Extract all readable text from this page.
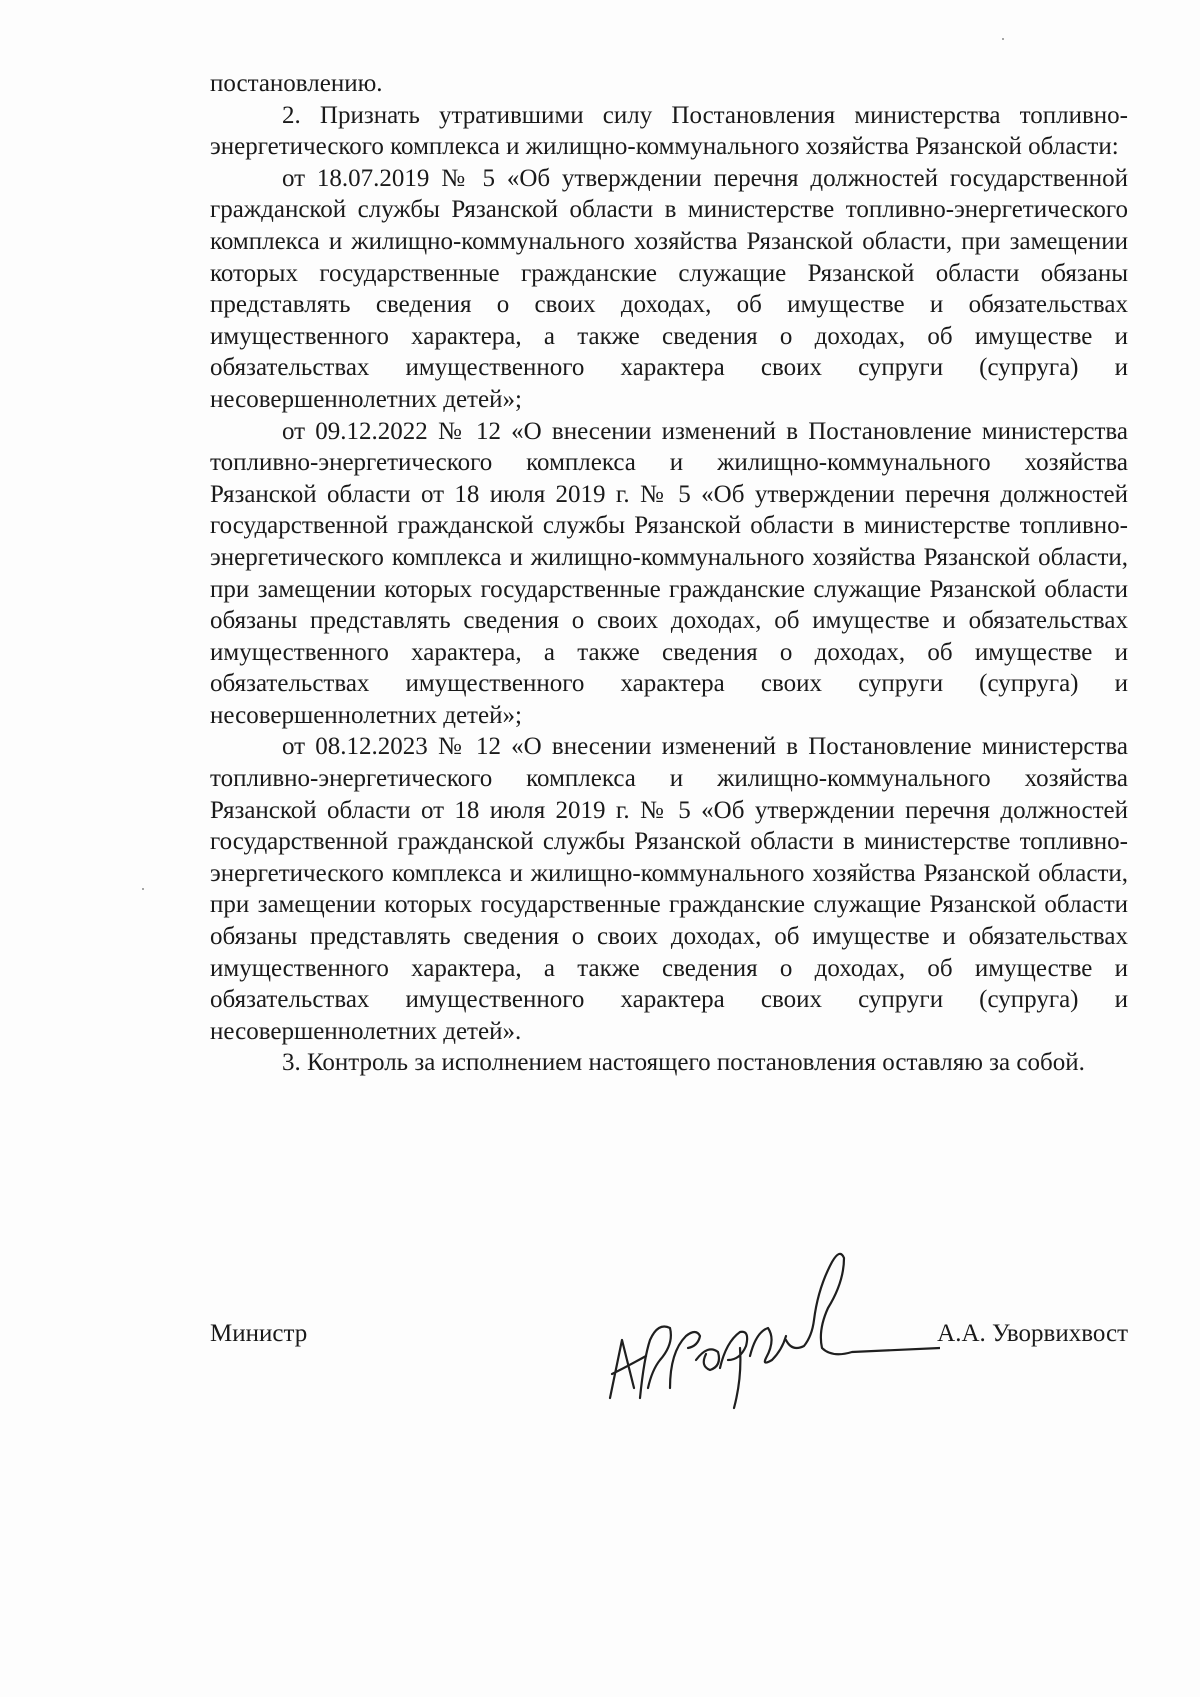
постановлению.

2. Признать утратившими силу Постановления министерства топливно-энергетического комплекса и жилищно-коммунального хозяйства Рязанской области:

от 18.07.2019 № 5 «Об утверждении перечня должностей государственной гражданской службы Рязанской области в министерстве топливно-энергетического комплекса и жилищно-коммунального хозяйства Рязанской области, при замещении которых государственные гражданские служащие Рязанской области обязаны представлять сведения о своих доходах, об имуществе и обязательствах имущественного характера, а также сведения о доходах, об имуществе и обязательствах имущественного характера своих супруги (супруга) и несовершеннолетних детей»;

от 09.12.2022 № 12 «О внесении изменений в Постановление министерства топливно-энергетического комплекса и жилищно-коммунального хозяйства Рязанской области от 18 июля 2019 г. № 5 «Об утверждении перечня должностей государственной гражданской службы Рязанской области в министерстве топливно-энергетического комплекса и жилищно-коммунального хозяйства Рязанской области, при замещении которых государственные гражданские служащие Рязанской области обязаны представлять сведения о своих доходах, об имуществе и обязательствах имущественного характера, а также сведения о доходах, об имуществе и обязательствах имущественного характера своих супруги (супруга) и несовершеннолетних детей»;

от 08.12.2023 № 12 «О внесении изменений в Постановление министерства топливно-энергетического комплекса и жилищно-коммунального хозяйства Рязанской области от 18 июля 2019 г. № 5 «Об утверждении перечня должностей государственной гражданской службы Рязанской области в министерстве топливно-энергетического комплекса и жилищно-коммунального хозяйства Рязанской области, при замещении которых государственные гражданские служащие Рязанской области обязаны представлять сведения о своих доходах, об имуществе и обязательствах имущественного характера, а также сведения о доходах, об имуществе и обязательствах имущественного характера своих супруги (супруга) и несовершеннолетних детей».

3. Контроль за исполнением настоящего постановления оставляю за собой.

Министр	А.А. Уворвихвост
